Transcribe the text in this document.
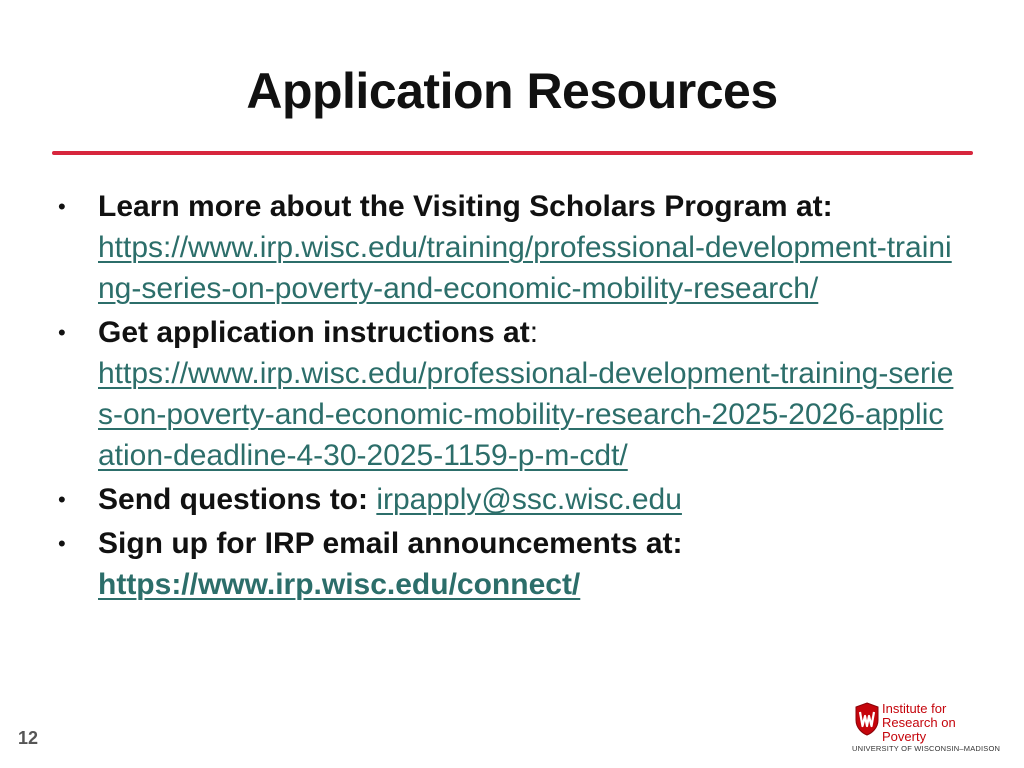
Application Resources
• Learn more about the Visiting Scholars Program at:
https://www.irp.wisc.edu/training/professional-development-training-series-on-poverty-and-economic-mobility-research/
• Get application instructions at:
https://www.irp.wisc.edu/professional-development-training-series-on-poverty-and-economic-mobility-research-2025-2026-application-deadline-4-30-2025-1159-p-m-cdt/
• Send questions to: irpapply@ssc.wisc.edu
• Sign up for IRP email announcements at:
https://www.irp.wisc.edu/connect/
12
Institute for
Research on
Poverty
UNIVERSITY OF WISCONSIN–MADISON
